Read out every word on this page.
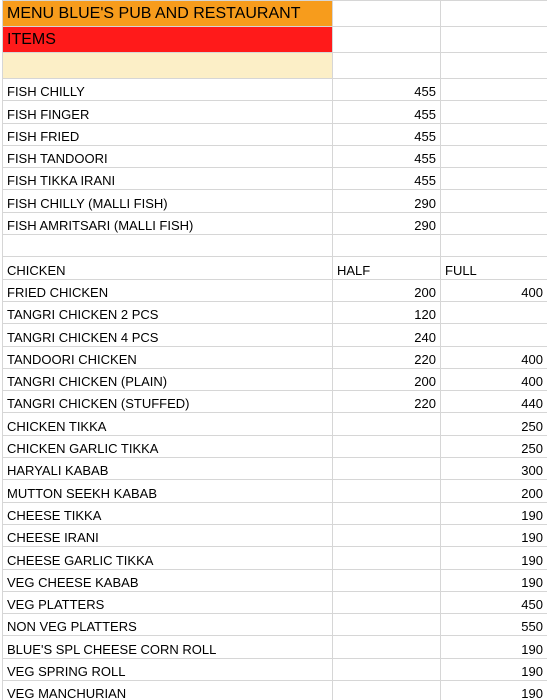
MENU BLUE'S PUB AND RESTAURANT		
ITEMS		

FISH CHILLY	455	
FISH FINGER	455	
FISH FRIED	455	
FISH TANDOORI	455	
FISH TIKKA IRANI	455	
FISH CHILLY (MALLI FISH)	290	
FISH AMRITSARI (MALLI FISH)	290	

CHICKEN	HALF	FULL
FRIED CHICKEN	200	400
TANGRI CHICKEN 2 PCS	120	
TANGRI CHICKEN 4 PCS	240	
TANDOORI CHICKEN	220	400
TANGRI CHICKEN (PLAIN)	200	400
TANGRI CHICKEN (STUFFED)	220	440
CHICKEN TIKKA		250
CHICKEN GARLIC TIKKA		250
HARYALI KABAB		300
MUTTON SEEKH KABAB		200
CHEESE TIKKA		190
CHEESE IRANI		190
CHEESE GARLIC TIKKA		190
VEG CHEESE KABAB		190
VEG PLATTERS		450
NON VEG PLATTERS		550
BLUE'S SPL CHEESE CORN ROLL		190
VEG SPRING ROLL		190
VEG MANCHURIAN		190
